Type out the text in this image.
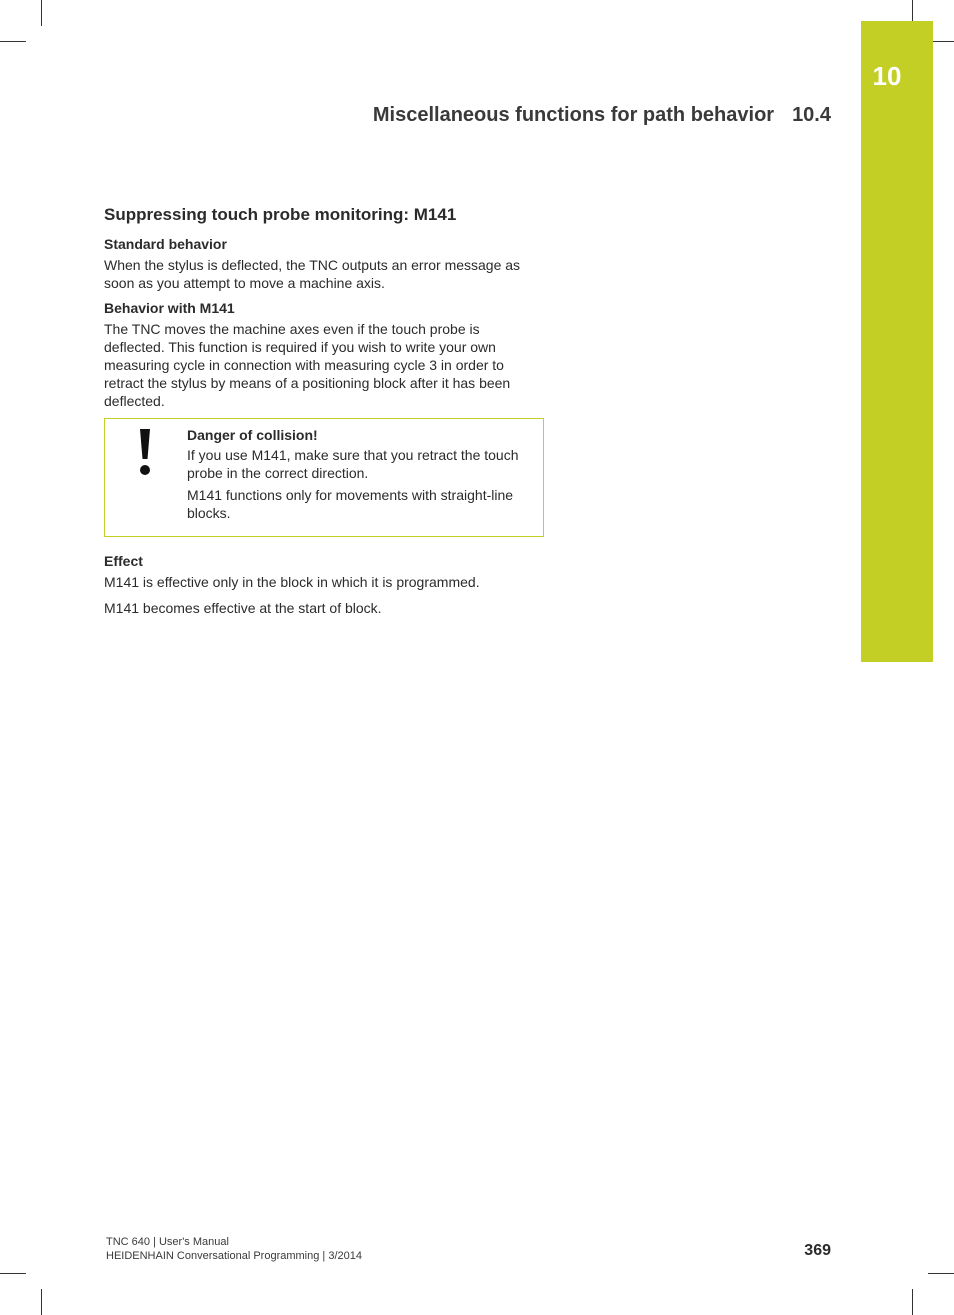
10
Miscellaneous functions for path behavior 10.4
Suppressing touch probe monitoring: M141
Standard behavior

When the stylus is deflected, the TNC outputs an error message as soon as you attempt to move a machine axis.

Behavior with M141

The TNC moves the machine axes even if the touch probe is deflected. This function is required if you wish to write your own measuring cycle in connection with measuring cycle 3 in order to retract the stylus by means of a positioning block after it has been deflected.

Danger of collision!

If you use M141, make sure that you retract the touch probe in the correct direction.

M141 functions only for movements with straight-line blocks.

Effect

M141 is effective only in the block in which it is programmed.

M141 becomes effective at the start of block.

TNC 640 | User's Manual
HEIDENHAIN Conversational Programming | 3/2014	369
